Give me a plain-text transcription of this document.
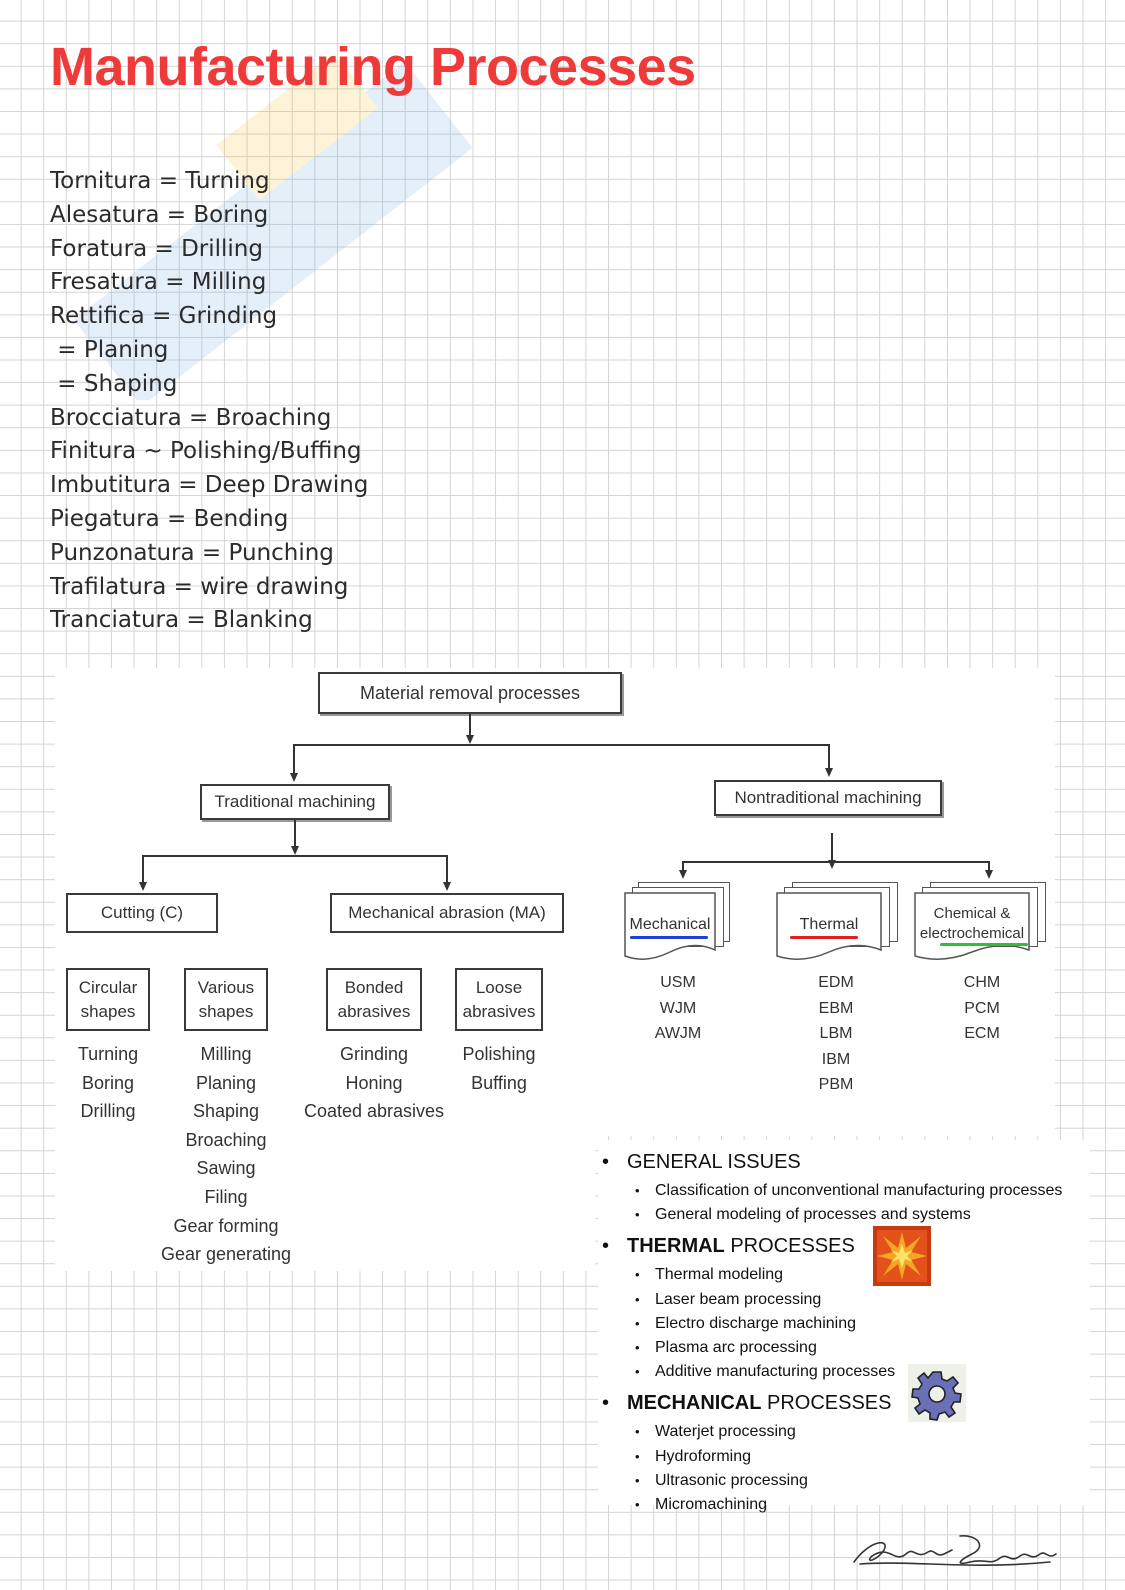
Manufacturing Processes
Tornitura = Turning
Alesatura = Boring
Foratura = Drilling
Fresatura = Milling
Rettifica = Grinding
= Planing
= Shaping
Brocciatura = Broaching
Finitura ~ Polishing/Buffing
Imbutitura = Deep Drawing
Piegatura = Bending
Punzonatura = Punching
Trafilatura = wire drawing
Tranciatura = Blanking
Material removal processes
Traditional machining	Nontraditional machining
Cutting (C)	Mechanical abrasion (MA)
Circular
shapes
Various
shapes
Bonded
abrasives
Loose
abrasives
Turning
Boring
Drilling
Milling
Planing
Shaping
Broaching
Sawing
Filing
Gear forming
Gear generating
Grinding
Honing
Coated abrasives
Polishing
Buffing
Mechanical	Thermal
Chemical &
electrochemical
USM
WJM
AWJM
EDM
EBM
LBM
IBM
PBM
CHM
PCM
ECM
• GENERAL ISSUES
• Classification of unconventional manufacturing processes
• General modeling of processes and systems
• THERMAL PROCESSES
• Thermal modeling
• Laser beam processing
• Electro discharge machining
• Plasma arc processing
• Additive manufacturing processes
• MECHANICAL PROCESSES
• Waterjet processing
• Hydroforming
• Ultrasonic processing
• Micromachining
